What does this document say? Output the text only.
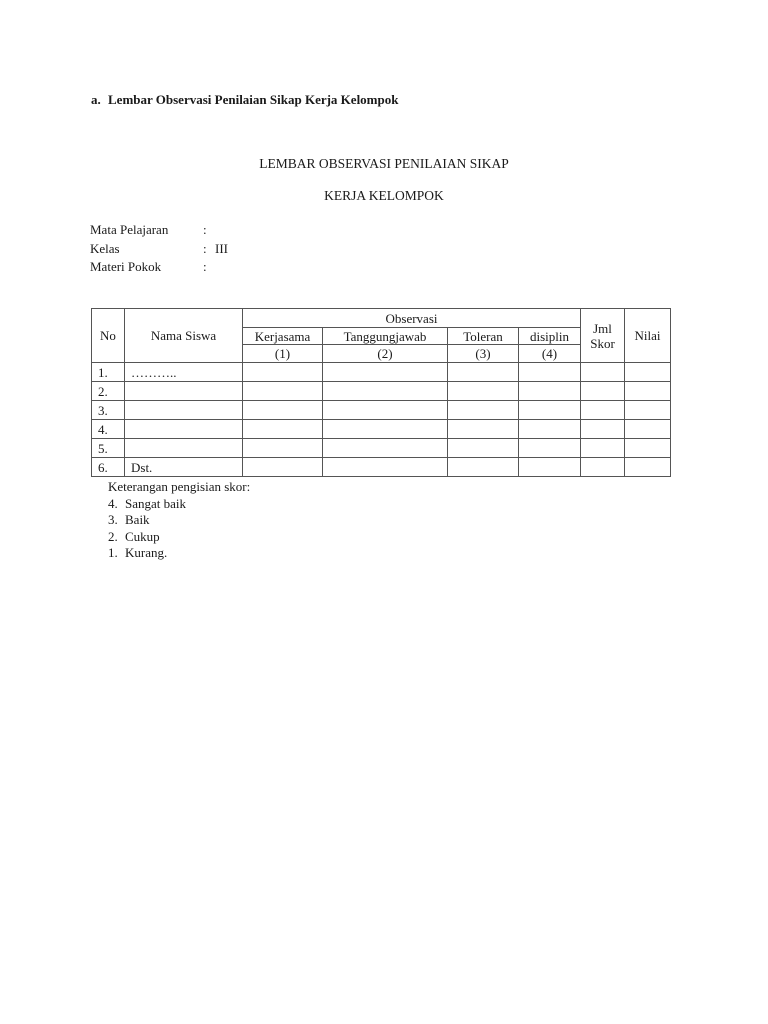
a. Lembar Observasi Penilaian Sikap Kerja Kelompok
LEMBAR OBSERVASI PENILAIAN SIKAP
KERJA KELOMPOK
Mata Pelajaran	:
Kelas	: III
Materi Pokok	:
No	Nama Siswa	Observasi				Jml Skor	Nilai
		Kerjasama	Tanggungjawab	Toleran	disiplin		
		(1)	(2)	(3)	(4)		
1.	………..						
2.							
3.							
4.							
5.							
6.	Dst.						
Keterangan pengisian skor:
4. Sangat baik
3. Baik
2. Cukup
1. Kurang.
